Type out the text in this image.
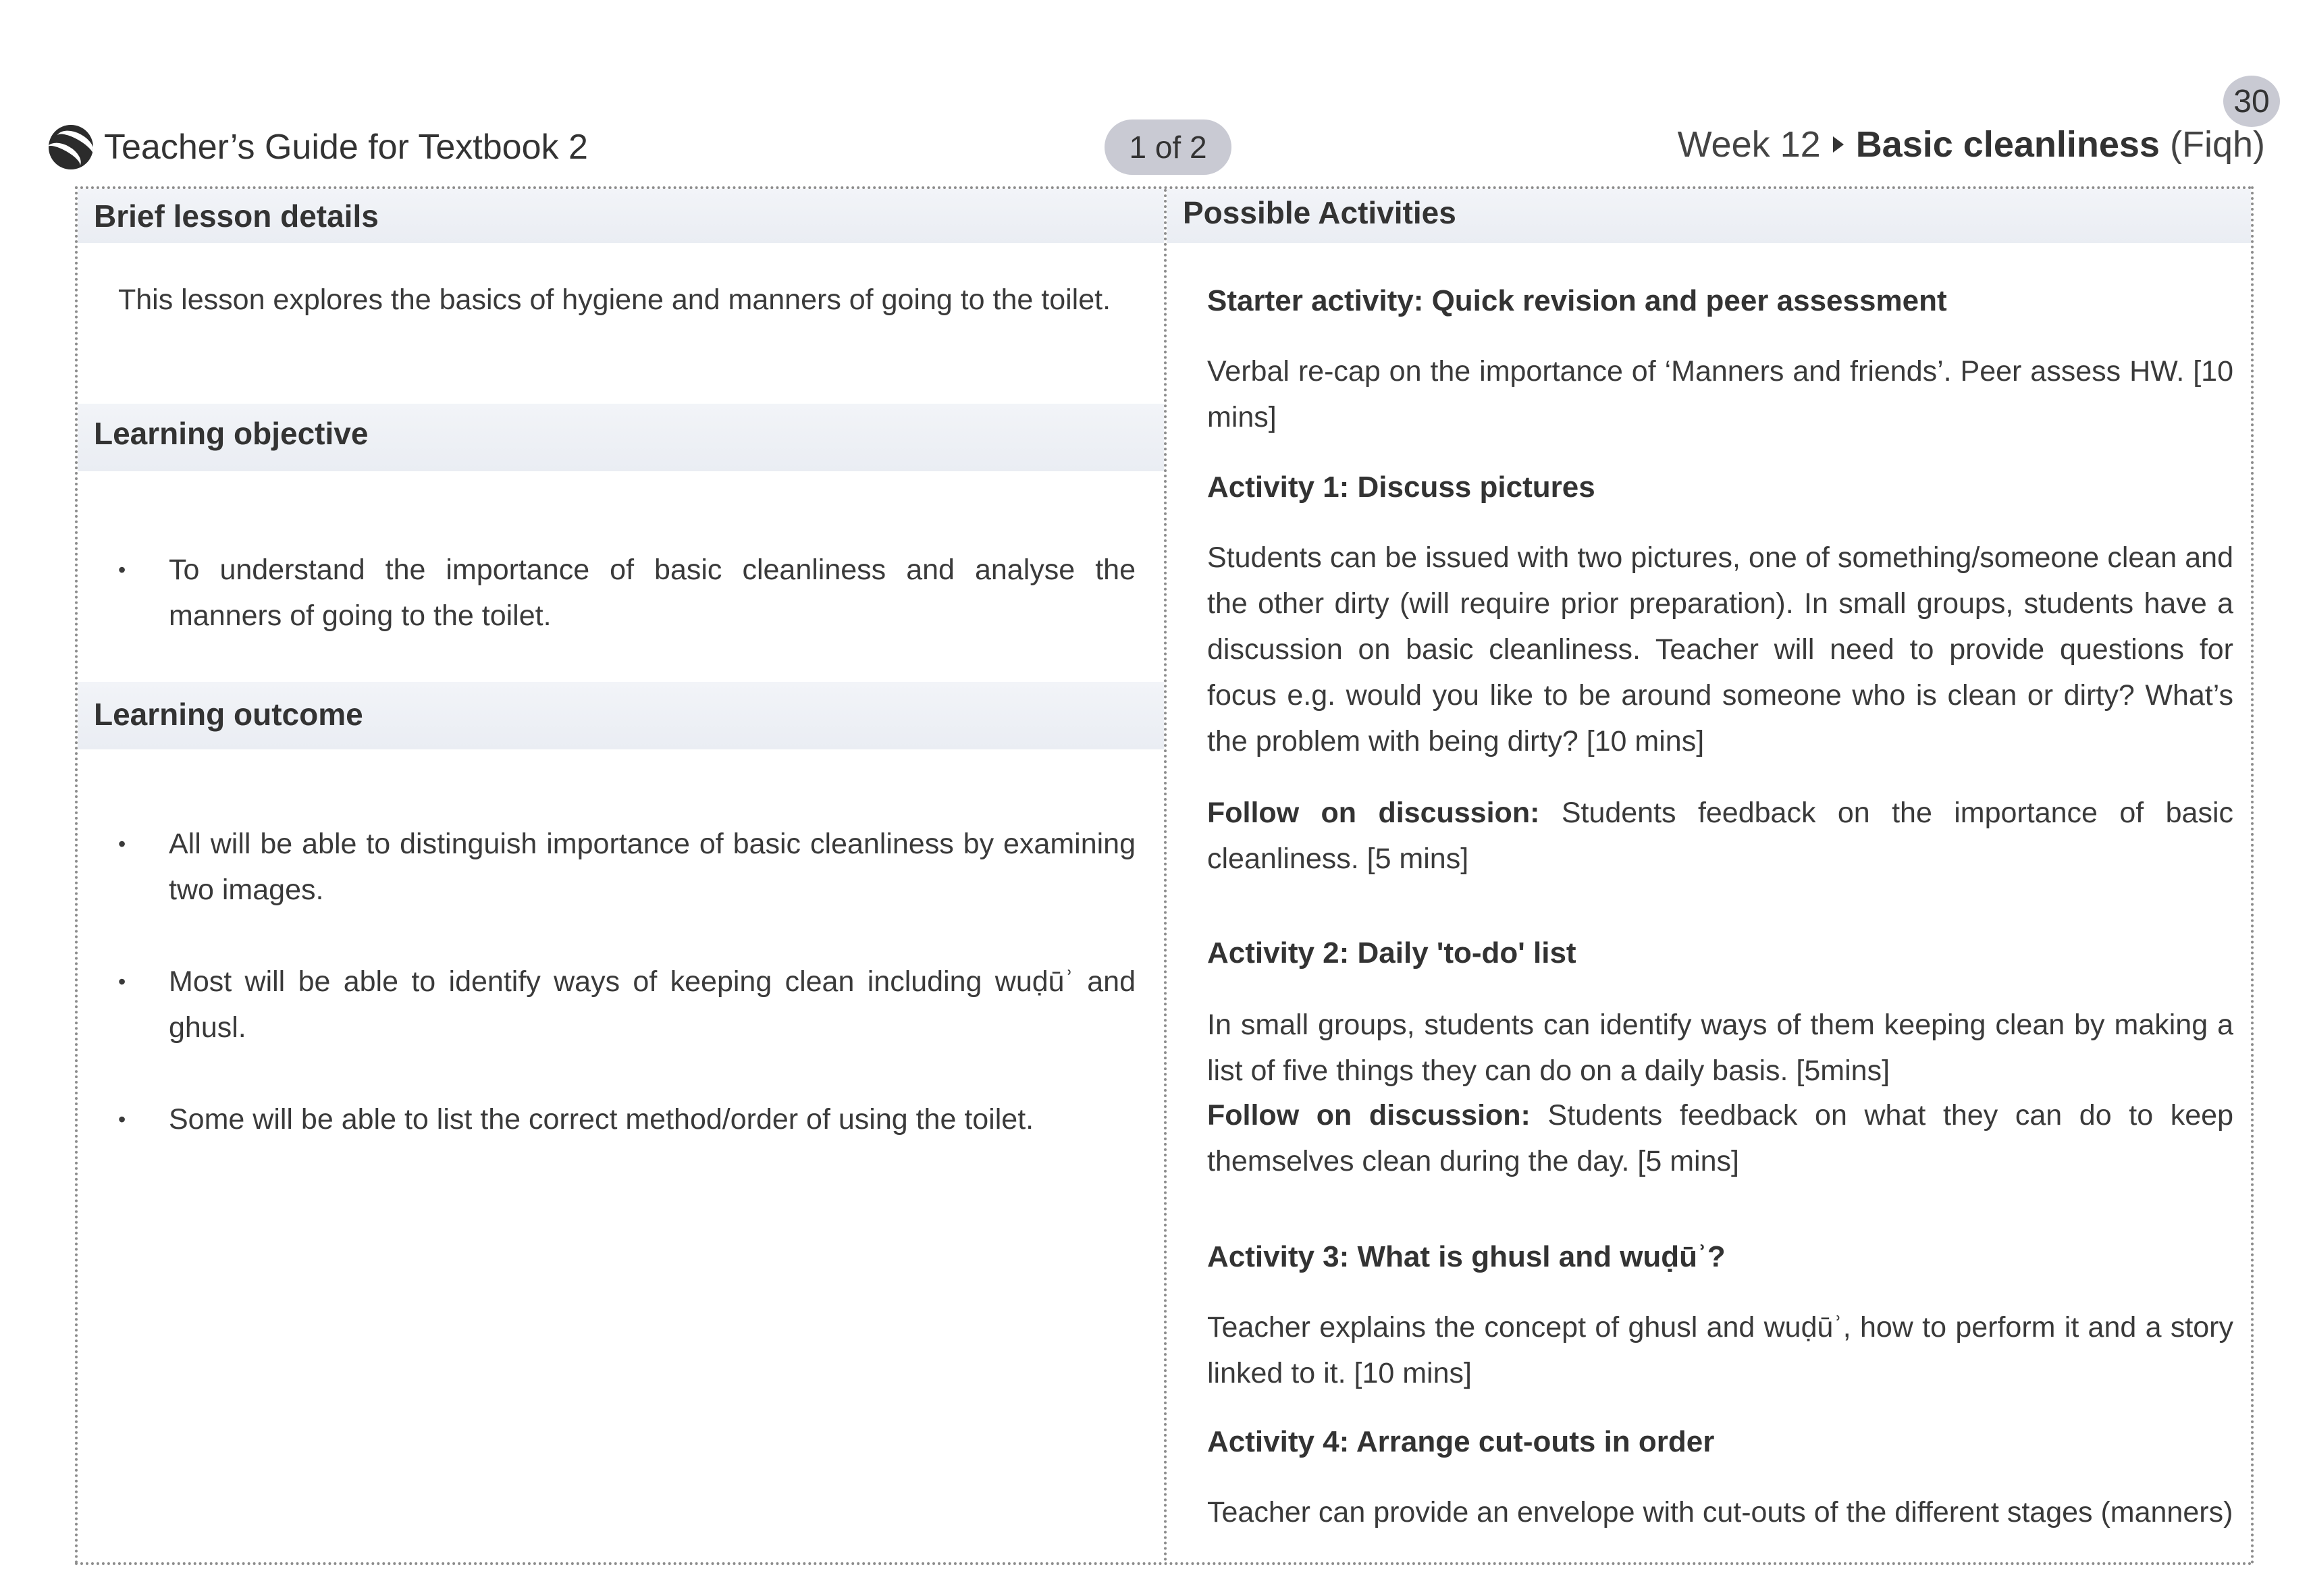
30
Teacher’s Guide for Textbook 2	1 of 2	Week 12 Basic cleanliness (Fiqh)
Brief lesson details
This lesson explores the basics of hygiene and manners of going to the toilet.
Learning objective
• To understand the importance of basic cleanliness and analyse the manners of going to the toilet.
Learning outcome
• All will be able to distinguish importance of basic cleanliness by examining two images.
• Most will be able to identify ways of keeping clean including wuḍūʾ and ghusl.
• Some will be able to list the correct method/order of using the toilet.
Possible Activities
Starter activity: Quick revision and peer assessment
Verbal re-cap on the importance of ‘Manners and friends’. Peer assess HW. [10 mins]
Activity 1: Discuss pictures
Students can be issued with two pictures, one of something/someone clean and the other dirty (will require prior preparation). In small groups, students have a discussion on basic cleanliness. Teacher will need to provide questions for focus e.g. would you like to be around someone who is clean or dirty? What’s the problem with being dirty? [10 mins]
Follow on discussion: Students feedback on the importance of basic cleanliness. [5 mins]
Activity 2: Daily 'to-do' list
In small groups, students can identify ways of them keeping clean by making a list of five things they can do on a daily basis. [5mins]
Follow on discussion: Students feedback on what they can do to keep themselves clean during the day. [5 mins]
Activity 3: What is ghusl and wuḍūʾ?
Teacher explains the concept of ghusl and wuḍūʾ, how to perform it and a story linked to it. [10 mins]
Activity 4: Arrange cut-outs in order
Teacher can provide an envelope with cut-outs of the different stages (manners)
